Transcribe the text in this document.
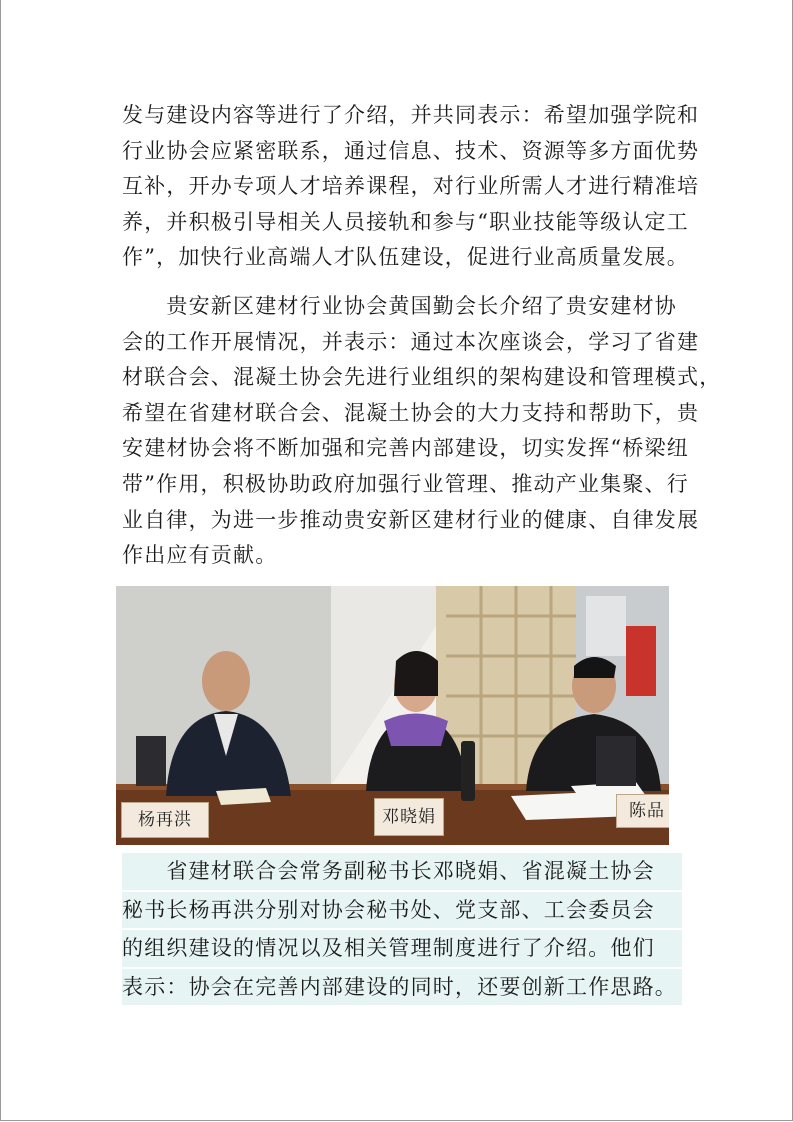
发与建设内容等进行了介绍，并共同表示：希望加强学院和
行业协会应紧密联系，通过信息、技术、资源等多方面优势
互补，开办专项人才培养课程，对行业所需人才进行精准培
养，并积极引导相关人员接轨和参与“职业技能等级认定工
作”，加快行业高端人才队伍建设，促进行业高质量发展。
　　贵安新区建材行业协会黄国勤会长介绍了贵安建材协
会的工作开展情况，并表示：通过本次座谈会，学习了省建
材联合会、混凝土协会先进行业组织的架构建设和管理模式，
希望在省建材联合会、混凝土协会的大力支持和帮助下，贵
安建材协会将不断加强和完善内部建设，切实发挥“桥梁纽
带”作用，积极协助政府加强行业管理、推动产业集聚、行
业自律，为进一步推动贵安新区建材行业的健康、自律发展
作出应有贡献。
杨再洪	邓晓娟	陈品
　　省建材联合会常务副秘书长邓晓娟、省混凝土协会
秘书长杨再洪分别对协会秘书处、党支部、工会委员会
的组织建设的情况以及相关管理制度进行了介绍。他们
表示：协会在完善内部建设的同时，还要创新工作思路。
